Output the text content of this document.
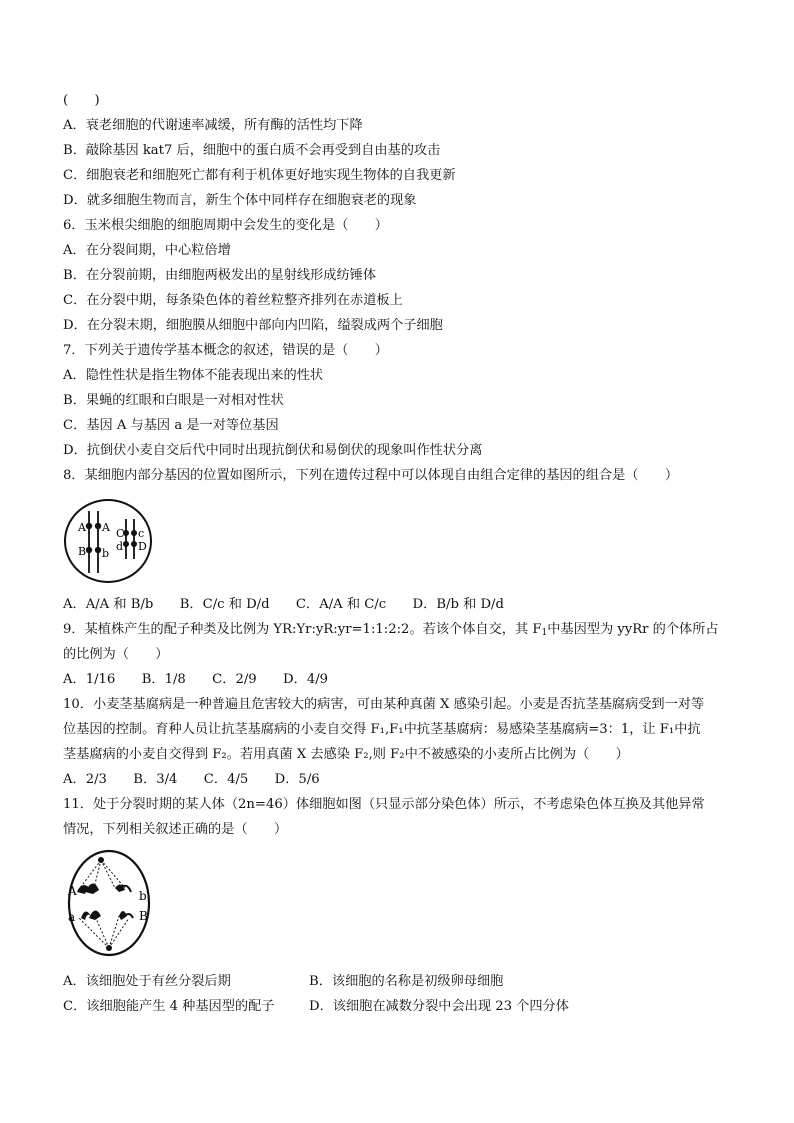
(　　)
A．衰老细胞的代谢速率减缓，所有酶的活性均下降
B．敲除基因 kat7 后，细胞中的蛋白质不会再受到自由基的攻击
C．细胞衰老和细胞死亡都有利于机体更好地实现生物体的自我更新
D．就多细胞生物而言，新生个体中同样存在细胞衰老的现象
6．玉米根尖细胞的细胞周期中会发生的变化是（　　）
A．在分裂间期，中心粒倍增
B．在分裂前期，由细胞两极发出的星射线形成纺锤体
C．在分裂中期，每条染色体的着丝粒整齐排列在赤道板上
D．在分裂末期，细胞膜从细胞中部向内凹陷，缢裂成两个子细胞
7．下列关于遗传学基本概念的叙述，错误的是（　　）
A．隐性性状是指生物体不能表现出来的性状
B．果蝇的红眼和白眼是一对相对性状
C．基因 A 与基因 a 是一对等位基因
D．抗倒伏小麦自交后代中同时出现抗倒伏和易倒伏的现象叫作性状分离
8．某细胞内部分基因的位置如图所示，下列在遗传过程中可以体现自由组合定律的基因的组合是（　　）
A A
B b
C c
d D
A．A/A 和 B/b　　B．C/c 和 D/d　　C．A/A 和 C/c　　D．B/b 和 D/d
9．某植株产生的配子种类及比例为 YR:Yr:yR:yr=1:1:2:2。若该个体自交，其 $F_1$中基因型为 yyRr 的个体所占
的比例为（　　）
A．1/16　　B．1/8　　C．2/9　　D．4/9
10．小麦茎基腐病是一种普遍且危害较大的病害，可由某种真菌 X 感染引起。小麦是否抗茎基腐病受到一对等
位基因的控制。育种人员让抗茎基腐病的小麦自交得 F₁,F₁中抗茎基腐病：易感染茎基腐病=3：1，让 F₁中抗
茎基腐病的小麦自交得到 F₂。若用真菌 X 去感染 F₂,则 F₂中不被感染的小麦所占比例为（　　）
A．2/3　　B．3/4　　C．4/5　　D．5/6
11．处于分裂时期的某人体（2n=46）体细胞如图（只显示部分染色体）所示，不考虑染色体互换及其他异常
情况，下列相关叙述正确的是（　　）
A	b
a	B
A．该细胞处于有丝分裂后期	B．该细胞的名称是初级卵母细胞
C．该细胞能产生 4 种基因型的配子	D．该细胞在减数分裂中会出现 23 个四分体
